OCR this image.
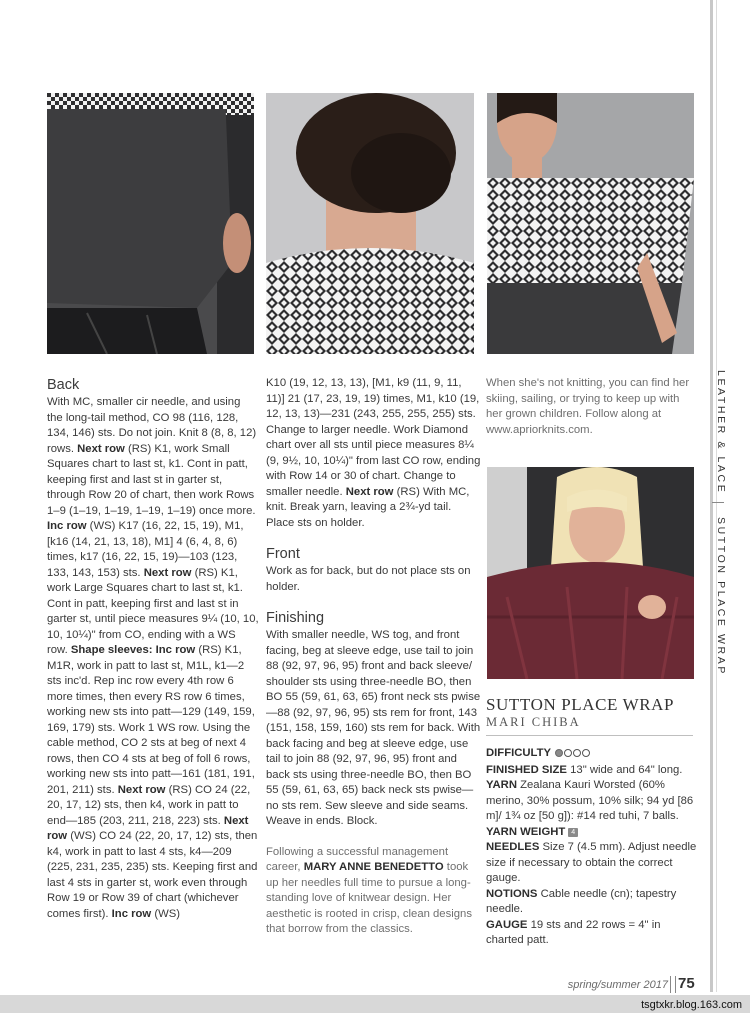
Back

With MC, smaller cir needle, and using the long-tail method, CO 98 (116, 128, 134, 146) sts. Do not join. Knit 8 (8, 8, 12) rows. Next row (RS) K1, work Small Squares chart to last st, k1. Cont in patt, keeping first and last st in garter st, through Row 20 of chart, then work Rows 1–9 (1–19, 1–19, 1–19, 1–19) once more. Inc row (WS) K17 (16, 22, 15, 19), M1, [k16 (14, 21, 13, 18), M1] 4 (6, 4, 8, 6) times, k17 (16, 22, 15, 19)—103 (123, 133, 143, 153) sts. Next row (RS) K1, work Large Squares chart to last st, k1. Cont in patt, keeping first and last st in garter st, until piece measures 9¼ (10, 10, 10, 10¼)" from CO, ending with a WS row. Shape sleeves: Inc row (RS) K1, M1R, work in patt to last st, M1L, k1—2 sts inc'd. Rep inc row every 4th row 6 more times, then every RS row 6 times, working new sts into patt—129 (149, 159, 169, 179) sts. Work 1 WS row. Using the cable method, CO 2 sts at beg of next 4 rows, then CO 4 sts at beg of foll 6 rows, working new sts into patt—161 (181, 191, 201, 211) sts. Next row (RS) CO 24 (22, 20, 17, 12) sts, then k4, work in patt to end—185 (203, 211, 218, 223) sts. Next row (WS) CO 24 (22, 20, 17, 12) sts, then k4, work in patt to last 4 sts, k4—209 (225, 231, 235, 235) sts. Keeping first and last 4 sts in garter st, work even through Row 19 or Row 39 of chart (whichever comes first). Inc row (WS)

K10 (19, 12, 13, 13), [M1, k9 (11, 9, 11, 11)] 21 (17, 23, 19, 19) times, M1, k10 (19, 12, 13, 13)—231 (243, 255, 255, 255) sts. Change to larger needle. Work Diamond chart over all sts until piece measures 8¼ (9, 9½, 10, 10¼)" from last CO row, ending with Row 14 or 30 of chart. Change to smaller needle. Next row (RS) With MC, knit. Break yarn, leaving a 2¾-yd tail. Place sts on holder.

Front

Work as for back, but do not place sts on holder.

Finishing

With smaller needle, WS tog, and front facing, beg at sleeve edge, use tail to join 88 (92, 97, 96, 95) front and back sleeve/ shoulder sts using three-needle BO, then BO 55 (59, 61, 63, 65) front neck sts pwise—88 (92, 97, 96, 95) sts rem for front, 143 (151, 158, 159, 160) sts rem for back. With back facing and beg at sleeve edge, use tail to join 88 (92, 97, 96, 95) front and back sts using three-needle BO, then BO 55 (59, 61, 63, 65) back neck sts pwise—no sts rem. Sew sleeve and side seams. Weave in ends. Block.

Following a successful management career, MARY ANNE BENEDETTO took up her needles full time to pursue a long-standing love of knitwear design. Her aesthetic is rooted in crisp, clean designs that borrow from the classics.

When she's not knitting, you can find her skiing, sailing, or trying to keep up with her grown children. Follow along at www.apriorknits.com.

SUTTON PLACE WRAP
MARI CHIBA

DIFFICULTY

FINISHED SIZE 13" wide and 64" long.

YARN Zealana Kauri Worsted (60% merino, 30% possum, 10% silk; 94 yd [86 m]/ 1¾ oz [50 g]): #14 red tuhi, 7 balls.

YARN WEIGHT 4

NEEDLES Size 7 (4.5 mm). Adjust needle size if necessary to obtain the correct gauge.

NOTIONS Cable needle (cn); tapestry needle.

GAUGE 19 sts and 22 rows = 4" in charted patt.

LEATHER & LACE
SUTTON PLACE WRAP
spring/summer 2017 75
tsgtxkr.blog.163.com
